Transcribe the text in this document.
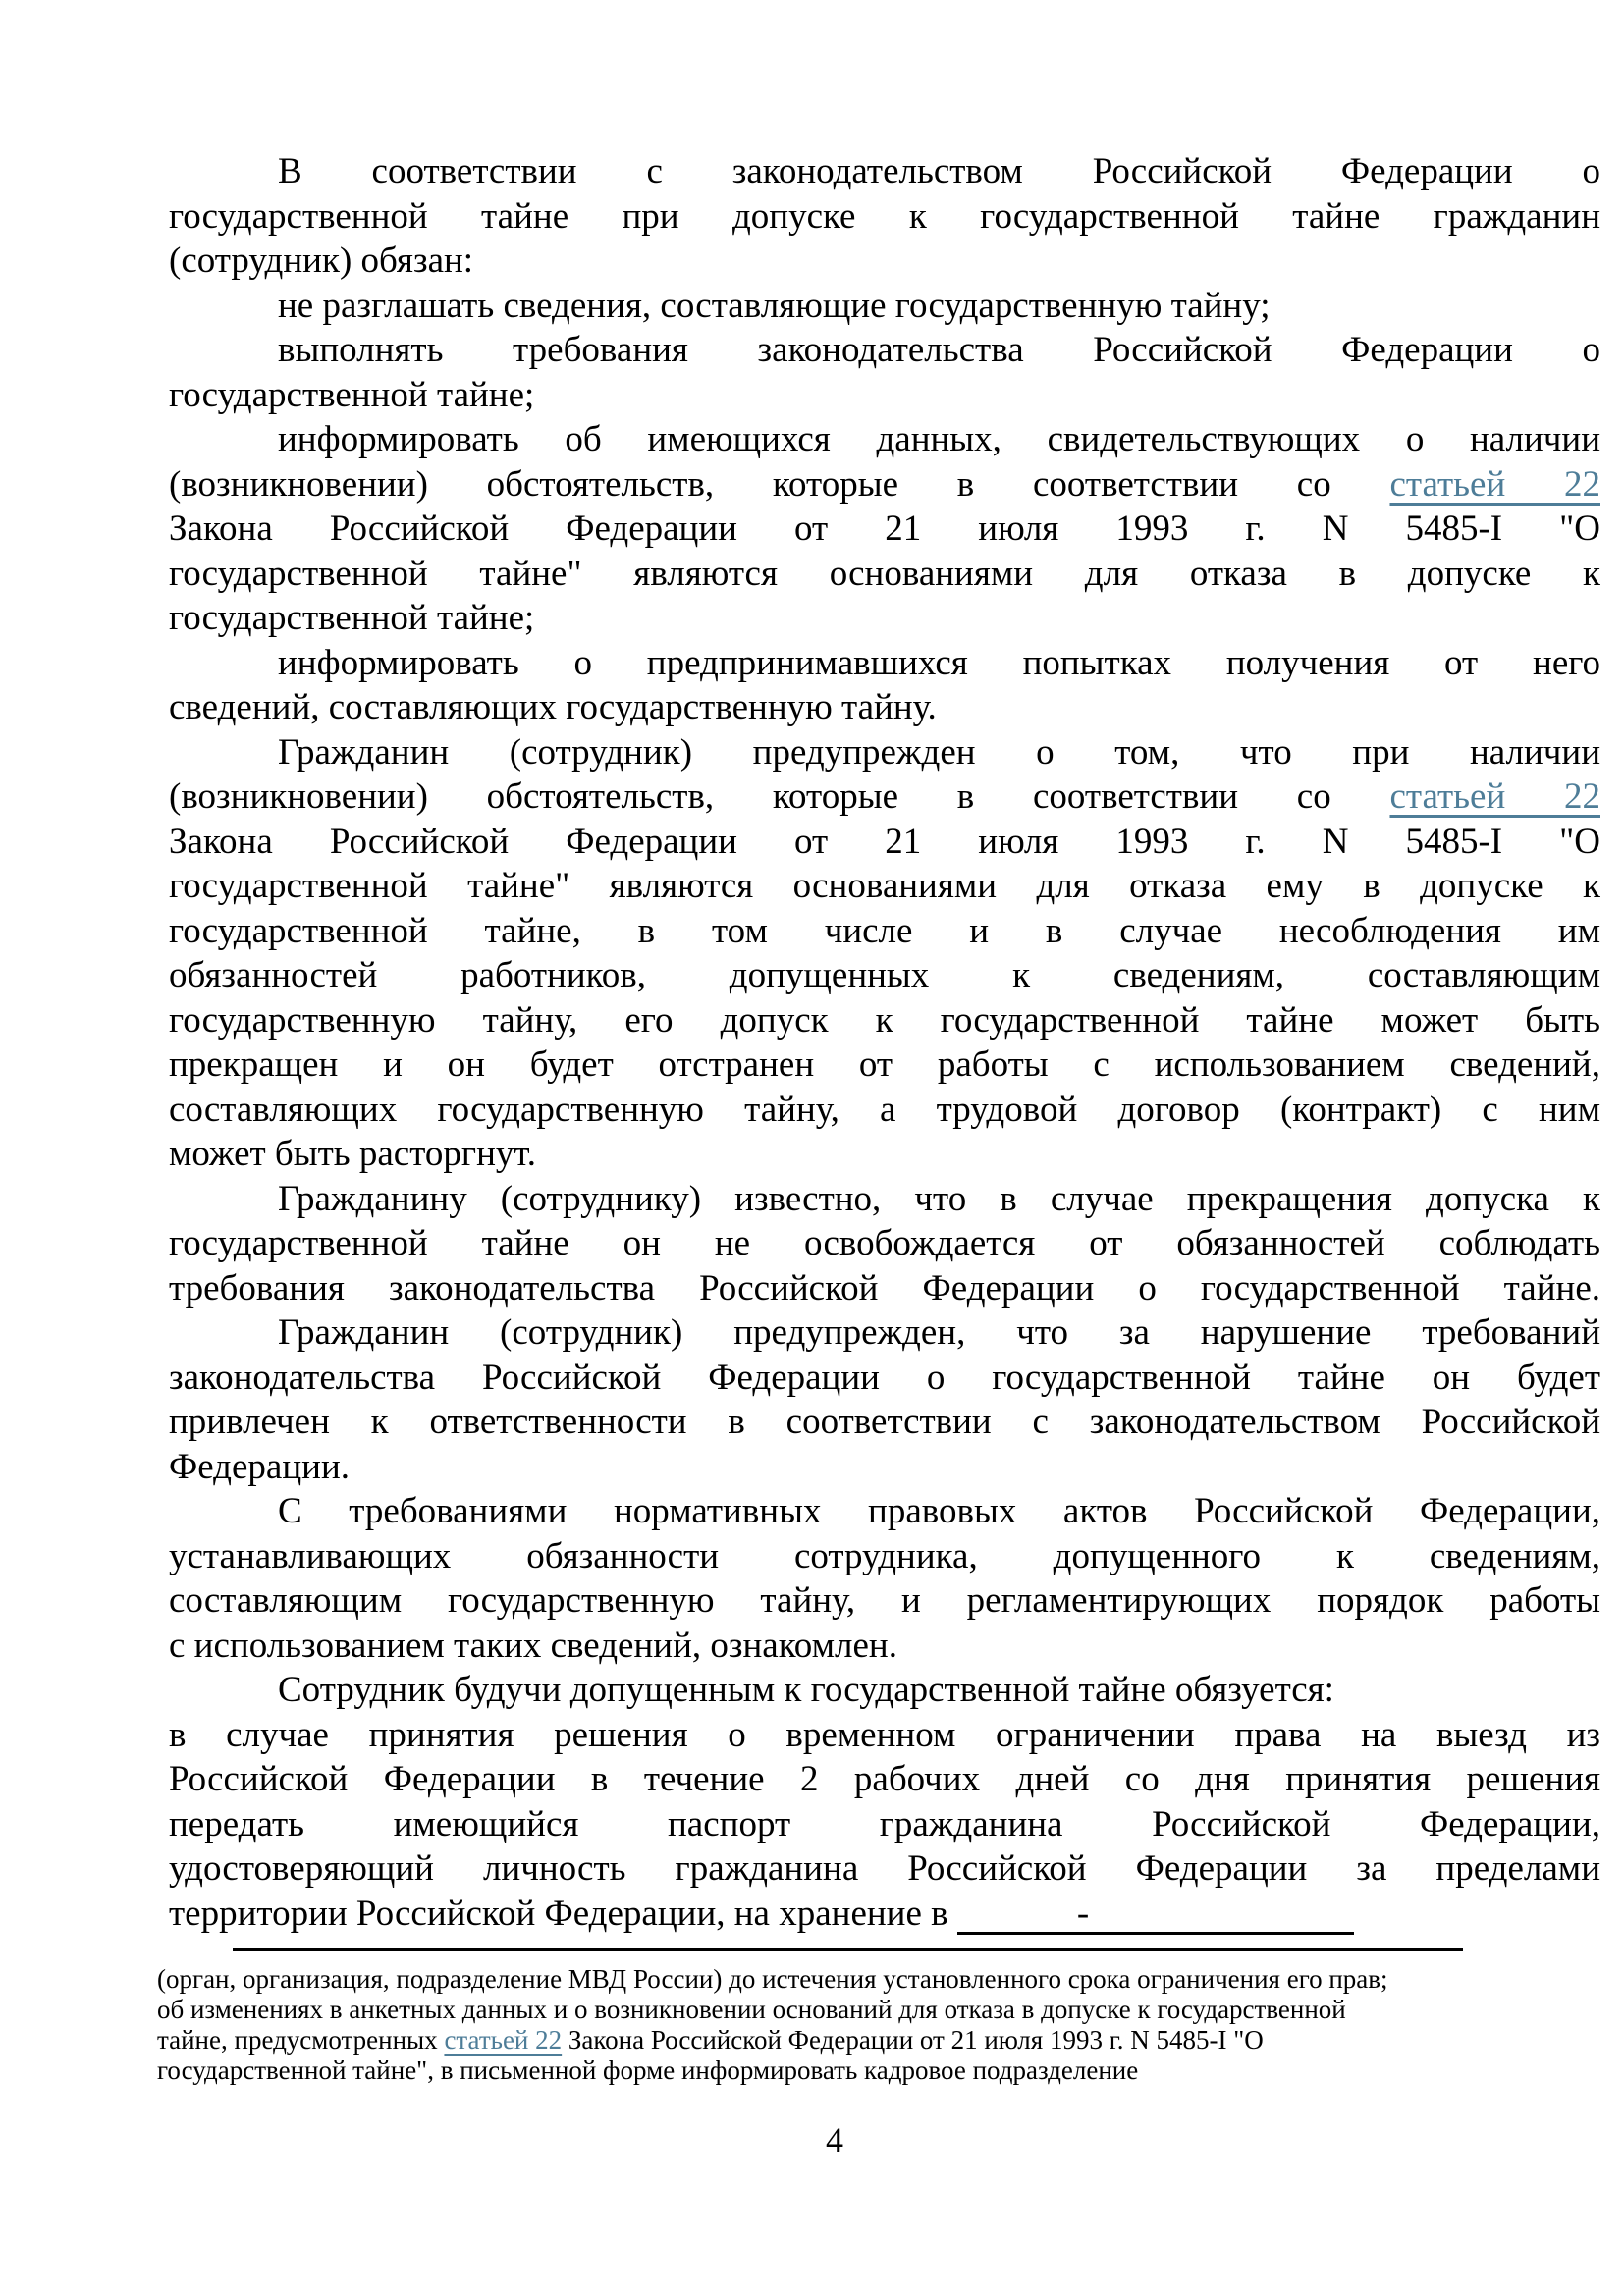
В соответствии с законодательством Российской Федерации о
государственной тайне при допуске к государственной тайне гражданин
(сотрудник) обязан:
не разглашать сведения, составляющие государственную тайну;
выполнять требования законодательства Российской Федерации о
государственной тайне;
информировать об имеющихся данных, свидетельствующих о наличии
(возникновении) обстоятельств, которые в соответствии со статьей 22
Закона Российской Федерации от 21 июля 1993 г. N 5485-I "О
государственной тайне" являются основаниями для отказа в допуске к
государственной тайне;
информировать о предпринимавшихся попытках получения от него
сведений, составляющих государственную тайну.
Гражданин (сотрудник) предупрежден о том, что при наличии
(возникновении) обстоятельств, которые в соответствии со статьей 22
Закона Российской Федерации от 21 июля 1993 г. N 5485-I "О
государственной тайне" являются основаниями для отказа ему в допуске к
государственной тайне, в том числе и в случае несоблюдения им
обязанностей работников, допущенных к сведениям, составляющим
государственную тайну, его допуск к государственной тайне может быть
прекращен и он будет отстранен от работы с использованием сведений,
составляющих государственную тайну, а трудовой договор (контракт) с ним
может быть расторгнут.
Гражданину (сотруднику) известно, что в случае прекращения допуска к
государственной тайне он не освобождается от обязанностей соблюдать
требования законодательства Российской Федерации о государственной тайне.
Гражданин (сотрудник) предупрежден, что за нарушение требований
законодательства Российской Федерации о государственной тайне он будет
привлечен к ответственности в соответствии с законодательством Российской
Федерации.
С требованиями нормативных правовых актов Российской Федерации,
устанавливающих обязанности сотрудника, допущенного к сведениям,
составляющим государственную тайну, и регламентирующих порядок работы
с использованием таких сведений, ознакомлен.
Сотрудник будучи допущенным к государственной тайне обязуется:
в случае принятия решения о временном ограничении права на выезд из
Российской Федерации в течение 2 рабочих дней со дня принятия решения
передать имеющийся паспорт гражданина Российской Федерации,
удостоверяющий личность гражданина Российской Федерации за пределами
территории Российской Федерации, на хранение в	-
(орган, организация, подразделение МВД России) до истечения установленного срока ограничения его прав;
об изменениях в анкетных данных и о возникновении оснований для отказа в допуске к государственной
тайне, предусмотренных статьей 22 Закона Российской Федерации от 21 июля 1993 г. N 5485-I "О
государственной тайне", в письменной форме информировать кадровое подразделение
4
